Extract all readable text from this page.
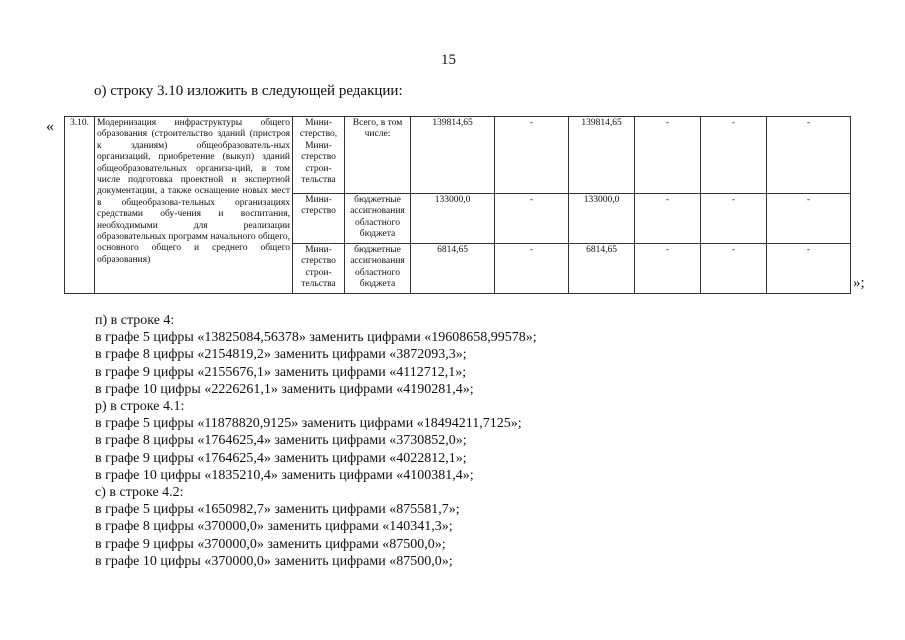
15
о) строку 3.10 изложить в следующей редакции:
« 3.10.	Модернизация инфраструктуры общего образования (строительство зданий (пристроя к зданиям) общеобразователь-ных организаций, приобретение (выкуп) зданий общеобразовательных организа-ций, в том числе подготовка проектной и экспертной документации, а также оснащение новых мест в общеобразова-тельных организациях средствами обу-чения и воспитания, необходимыми для реализации образовательных программ начального общего, основного общего и среднего общего образования)	Мини-стерство, Мини-стерство строи-тельства	Всего, в том числе:	139814,65	-	139814,65	-	-	-
		Мини-стерство	бюджетные ассигнования областного бюджета	133000,0	-	133000,0	-	-	-
		Мини-стерство строи-тельства	бюджетные ассигнования областного бюджета	6814,65	-	6814,65	-	-	-
»;
п) в строке 4:
в графе 5 цифры «13825084,56378» заменить цифрами «19608658,99578»;
в графе 8 цифры «2154819,2» заменить цифрами «3872093,3»;
в графе 9 цифры «2155676,1» заменить цифрами «4112712,1»;
в графе 10 цифры «2226261,1» заменить цифрами «4190281,4»;
р) в строке 4.1:
в графе 5 цифры «11878820,9125» заменить цифрами «18494211,7125»;
в графе 8 цифры «1764625,4» заменить цифрами «3730852,0»;
в графе 9 цифры «1764625,4» заменить цифрами «4022812,1»;
в графе 10 цифры «1835210,4» заменить цифрами «4100381,4»;
с) в строке 4.2:
в графе 5 цифры «1650982,7» заменить цифрами «875581,7»;
в графе 8 цифры «370000,0» заменить цифрами «140341,3»;
в графе 9 цифры «370000,0» заменить цифрами «87500,0»;
в графе 10 цифры «370000,0» заменить цифрами «87500,0»;
